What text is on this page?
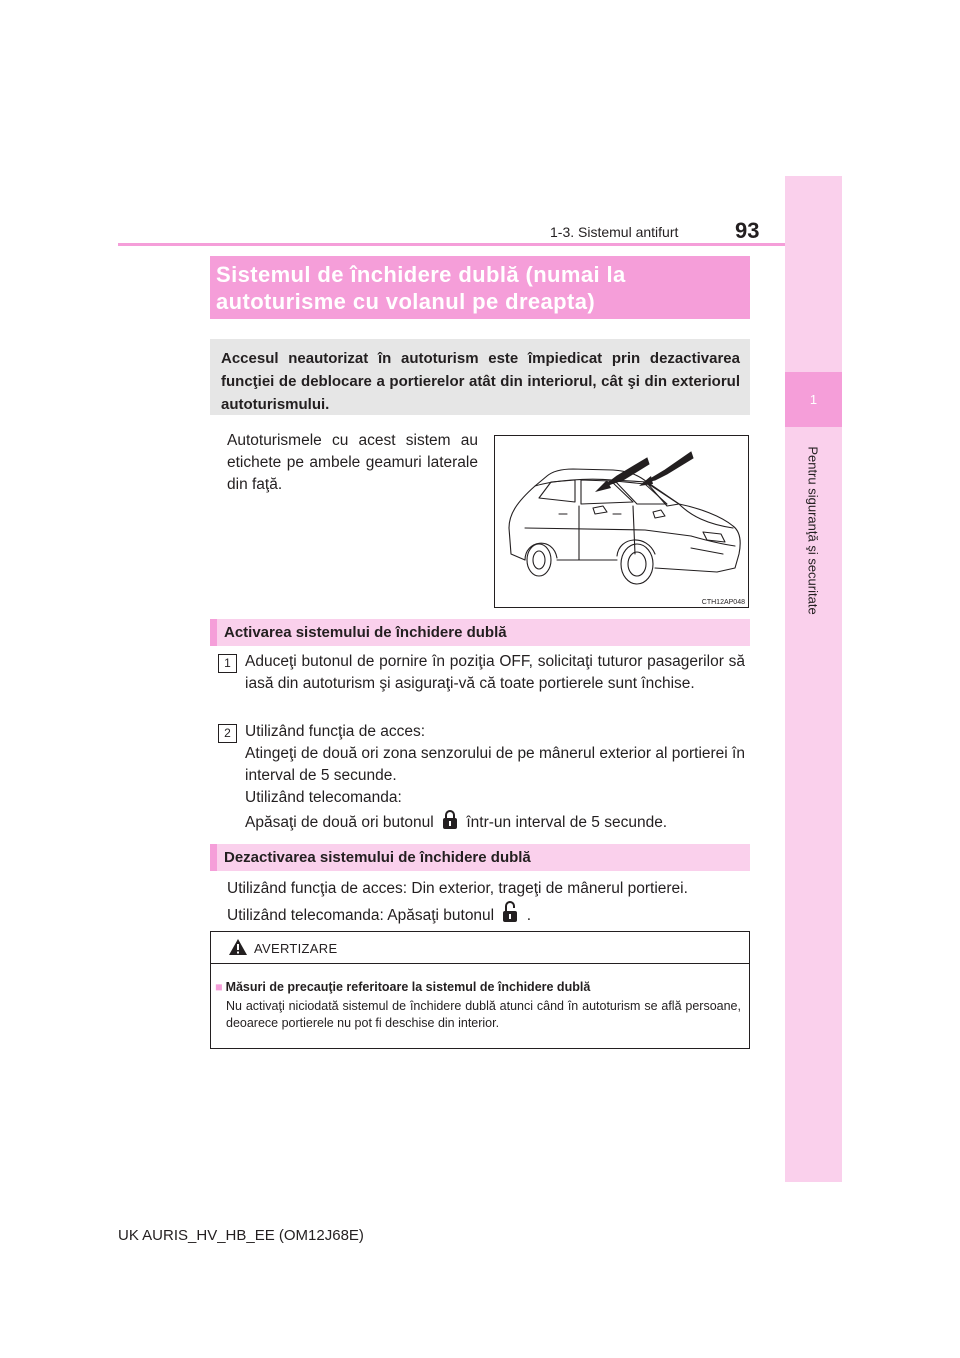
1
Pentru siguranţă şi securitate
1-3. Sistemul antifurt	93
Sistemul de închidere dublă (numai la
autoturisme cu volanul pe dreapta)
Accesul neautorizat în autoturism este împiedicat prin dezactivarea funcţiei de deblocare a portierelor atât din interiorul, cât şi din exteriorul autoturismului.
Autoturismele cu acest sistem au etichete pe ambele geamuri laterale din faţă.
CTH12AP048
Activarea sistemului de închidere dublă
1 Aduceţi butonul de pornire în poziţia OFF, solicitaţi tuturor pasagerilor să iasă din autoturism şi asiguraţi-vă că toate portierele sunt închise.
2 Utilizând funcţia de acces:
Atingeţi de două ori zona senzorului de pe mânerul exterior al portierei în interval de 5 secunde.
Utilizând telecomanda:
Apăsaţi de două ori butonul într-un interval de 5 secunde.
Dezactivarea sistemului de închidere dublă
Utilizând funcţia de acces: Din exterior, trageţi de mânerul portierei.
Utilizând telecomanda: Apăsaţi butonul .
AVERTIZARE
■ Măsuri de precauţie referitoare la sistemul de închidere dublă
Nu activaţi niciodată sistemul de închidere dublă atunci când în autoturism se află persoane, deoarece portierele nu pot fi deschise din interior.
UK AURIS_HV_HB_EE (OM12J68E)
